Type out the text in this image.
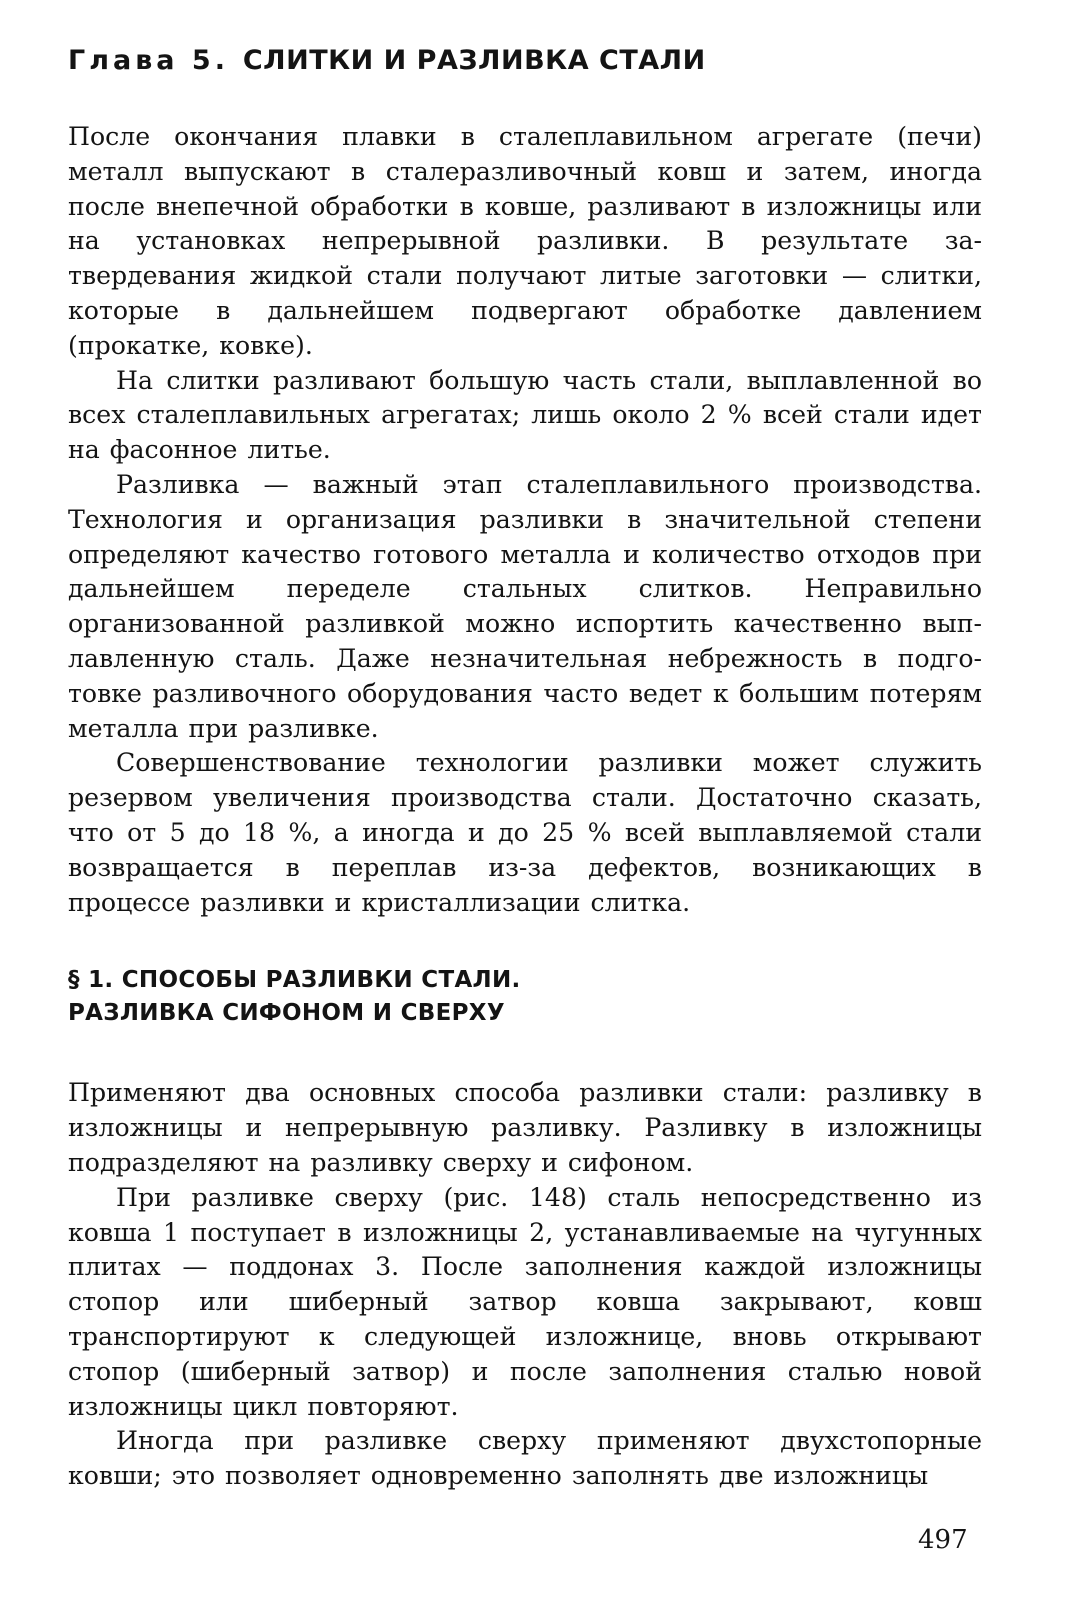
Глава 5. СЛИТКИ И РАЗЛИВКА СТАЛИ

После окончания плавки в сталеплавильном агрегате (печи) металл выпускают в сталеразливочный ковш и затем, иногда после внепечной обработки в ковше, разливают в изложницы или на установках непрерывной разливки. В результате затвердевания жидкой стали получают литые заготовки — слитки, которые в дальнейшем подвергают обработке давлением (прокатке, ковке).

На слитки разливают большую часть стали, выплавленной во всех сталеплавильных агрегатах; лишь около 2 % всей стали идет на фасонное литье.

Разливка — важный этап сталеплавильного производства. Технология и организация разливки в значительной степени определяют качество готового металла и количество отходов при дальнейшем переделе стальных слитков. Неправильно организованной разливкой можно испортить качественно выплавленную сталь. Даже незначительная небрежность в подготовке разливочного оборудования часто ведет к большим потерям металла при разливке.

Совершенствование технологии разливки может служить резервом увеличения производства стали. Достаточно сказать, что от 5 до 18 %, а иногда и до 25 % всей выплавляемой стали возвращается в переплав из-за дефектов, возникающих в процессе разливки и кристаллизации слитка.

§ 1. СПОСОБЫ РАЗЛИВКИ СТАЛИ.
РАЗЛИВКА СИФОНОМ И СВЕРХУ

Применяют два основных способа разливки стали: разливку в изложницы и непрерывную разливку. Разливку в изложницы подразделяют на разливку сверху и сифоном.

При разливке сверху (рис. 148) сталь непосредственно из ковша 1 поступает в изложницы 2, устанавливаемые на чугунных плитах — поддонах 3. После заполнения каждой изложницы стопор или шиберный затвор ковша закрывают, ковш транспортируют к следующей изложнице, вновь открывают стопор (шиберный затвор) и после заполнения сталью новой изложницы цикл повторяют.

Иногда при разливке сверху применяют двухстопорные ковши; это позволяет одновременно заполнять две изложницы

497
